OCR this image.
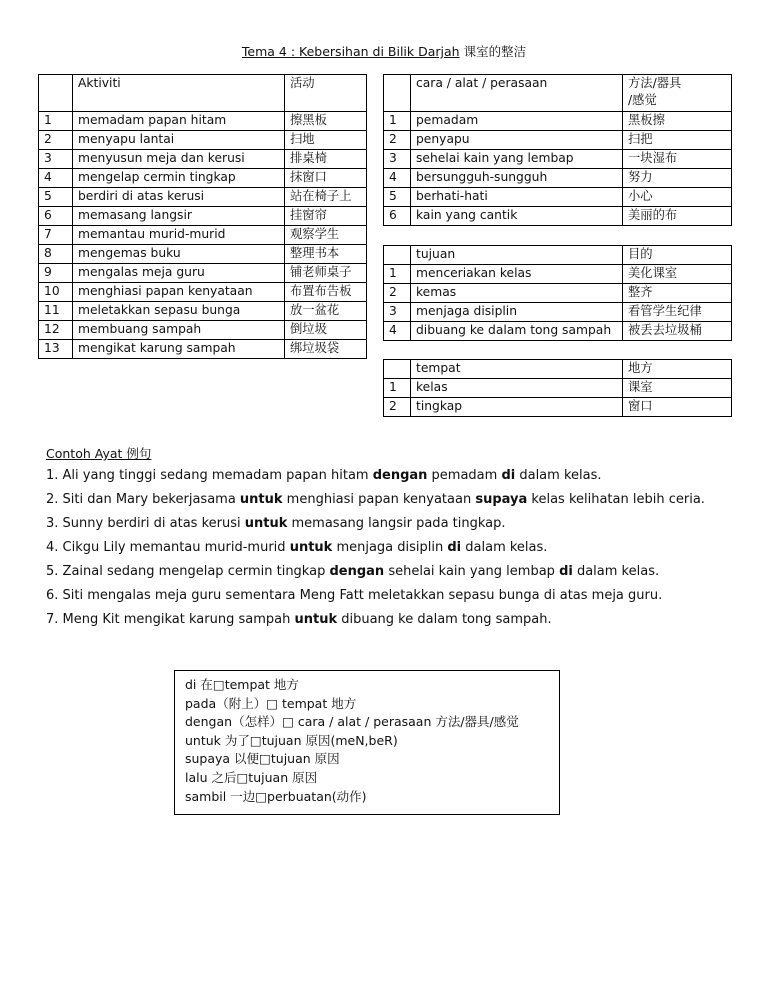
Tema 4 : Kebersihan di Bilik Darjah 课室的整洁
	Aktiviti	活动
1	memadam papan hitam	擦黑板
2	menyapu lantai	扫地
3	menyusun meja dan kerusi	排桌椅
4	mengelap cermin tingkap	抹窗口
5	berdiri di atas kerusi	站在椅子上
6	memasang langsir	挂窗帘
7	memantau murid-murid	观察学生
8	mengemas buku	整理书本
9	mengalas meja guru	铺老师桌子
10	menghiasi papan kenyataan	布置布告板
11	meletakkan sepasu bunga	放一盆花
12	membuang sampah	倒垃圾
13	mengikat karung sampah	绑垃圾袋
	cara / alat / perasaan	方法/器具
/感觉

1	pemadam	黑板擦
2	penyapu	扫把
3	sehelai kain yang lembap	一块湿布
4	bersungguh-sungguh	努力
5	berhati-hati	小心
6	kain yang cantik	美丽的布
	tujuan	目的
1	menceriakan kelas	美化课室
2	kemas	整齐
3	menjaga disiplin	看管学生纪律
4	dibuang ke dalam tong sampah	被丢去垃圾桶
	tempat	地方
1	kelas	课室
2	tingkap	窗口
Contoh Ayat 例句
1. Ali yang tinggi sedang memadam papan hitam dengan pemadam di dalam kelas.
2. Siti dan Mary bekerjasama untuk menghiasi papan kenyataan supaya kelas kelihatan lebih ceria.
3. Sunny berdiri di atas kerusi untuk memasang langsir pada tingkap.
4. Cikgu Lily memantau murid-murid untuk menjaga disiplin di dalam kelas.
5. Zainal sedang mengelap cermin tingkap dengan sehelai kain yang lembap di dalam kelas.
6. Siti mengalas meja guru sementara Meng Fatt meletakkan sepasu bunga di atas meja guru.
7. Meng Kit mengikat karung sampah untuk dibuang ke dalam tong sampah.
di 在□tempat 地方
pada（附上）□ tempat 地方
dengan（怎样）□ cara / alat / perasaan 方法/器具/感觉
untuk 为了□tujuan 原因(meN,beR)
supaya 以便□tujuan 原因
lalu 之后□tujuan 原因
sambil 一边□perbuatan(动作)
